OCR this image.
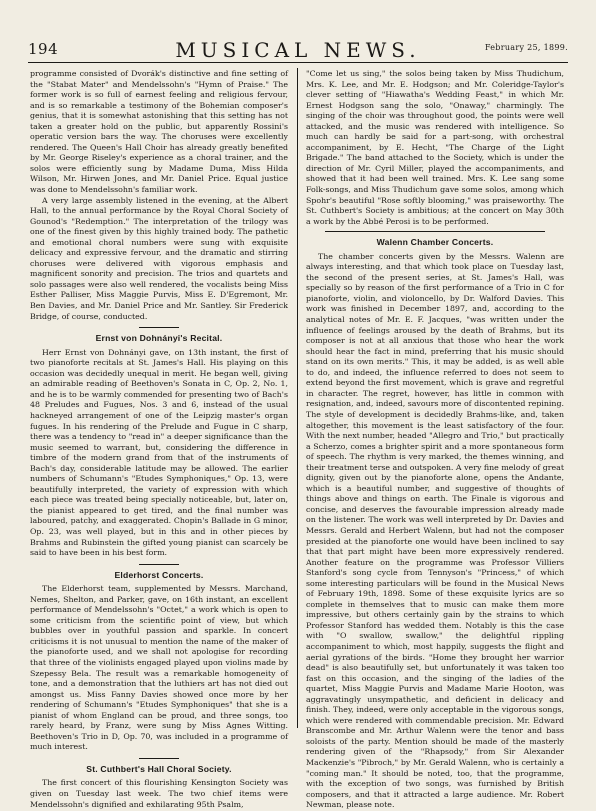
194	MUSICAL NEWS.	February 25, 1899.

programme consisted of Dvorák's distinctive and fine setting of the "Stabat Mater" and Mendelssohn's "Hymn of Praise." The former work is so full of earnest feeling and religious fervour, and is so remarkable a testimony of the Bohemian composer's genius, that it is somewhat astonishing that this setting has not taken a greater hold on the public, but apparently Rossini's operatic version bars the way. The choruses were excellently rendered. The Queen's Hall Choir has already greatly benefited by Mr. George Riseley's experience as a choral trainer, and the solos were efficiently sung by Madame Duma, Miss Hilda Wilson, Mr. Hirwen Jones, and Mr. Daniel Price. Equal justice was done to Mendelssohn's familiar work.

A very large assembly listened in the evening, at the Albert Hall, to the annual performance by the Royal Choral Society of Gounod's "Redemption." The interpretation of the trilogy was one of the finest given by this highly trained body. The pathetic and emotional choral numbers were sung with exquisite delicacy and expressive fervour, and the dramatic and stirring choruses were delivered with vigorous emphasis and magnificent sonority and precision. The trios and quartets and solo passages were also well rendered, the vocalists being Miss Esther Palliser, Miss Maggie Purvis, Miss E. D'Egremont, Mr. Ben Davies, and Mr. Daniel Price and Mr. Santley. Sir Frederick Bridge, of course, conducted.

Ernst von Dohnányi's Recital.

Herr Ernst von Dohnányi gave, on 13th instant, the first of two pianoforte recitals at St. James's Hall. His playing on this occasion was decidedly unequal in merit. He began well, giving an admirable reading of Beethoven's Sonata in C, Op. 2, No. 1, and he is to be warmly commended for presenting two of Bach's 48 Preludes and Fugues, Nos. 3 and 6, instead of the usual hackneyed arrangement of one of the Leipzig master's organ fugues. In his rendering of the Prelude and Fugue in C sharp, there was a tendency to "read in" a deeper significance than the music seemed to warrant, but, considering the difference in timbre of the modern grand from that of the instruments of Bach's day, considerable latitude may be allowed. The earlier numbers of Schumann's "Etudes Symphoniques," Op. 13, were beautifully interpreted, the variety of expression with which each piece was treated being specially noticeable, but, later on, the pianist appeared to get tired, and the final number was laboured, patchy, and exaggerated. Chopin's Ballade in G minor, Op. 23, was well played, but in this and in other pieces by Brahms and Rubinstein the gifted young pianist can scarcely be said to have been in his best form.

Elderhorst Concerts.

The Elderhorst team, supplemented by Messrs. Marchand, Nemes, Shelton, and Parker, gave, on 16th instant, an excellent performance of Mendelssohn's "Octet," a work which is open to some criticism from the scientific point of view, but which bubbles over in youthful passion and sparkle. In concert criticisms it is not unusual to mention the name of the maker of the pianoforte used, and we shall not apologise for recording that three of the violinists engaged played upon violins made by Szepessy Bela. The result was a remarkable homogeneity of tone, and a demonstration that the luthiers art has not died out amongst us. Miss Fanny Davies showed once more by her rendering of Schumann's "Etudes Symphoniques" that she is a pianist of whom England can be proud, and three songs, too rarely heard, by Franz, were sung by Miss Agnes Witting. Beethoven's Trio in D, Op. 70, was included in a programme of much interest.

St. Cuthbert's Hall Choral Society.

The first concert of this flourishing Kensington Society was given on Tuesday last week. The two chief items were Mendelssohn's dignified and exhilarating 95th Psalm,

"Come let us sing," the solos being taken by Miss Thudichum, Mrs. K. Lee, and Mr. E. Hodgson; and Mr. Coleridge-Taylor's clever setting of "Hiawatha's Wedding Feast," in which Mr. Ernest Hodgson sang the solo, "Onaway," charmingly. The singing of the choir was throughout good, the points were well attacked, and the music was rendered with intelligence. So much can hardly be said for a part-song, with orchestral accompaniment, by E. Hecht, "The Charge of the Light Brigade." The band attached to the Society, which is under the direction of Mr. Cyril Miller, played the accompaniments, and showed that it had been well trained. Mrs. K. Lee sang some Folk-songs, and Miss Thudichum gave some solos, among which Spohr's beautiful "Rose softly blooming," was praiseworthy. The St. Cuthbert's Society is ambitious; at the concert on May 30th a work by the Abbé Perosi is to be performed.

Walenn Chamber Concerts.

The chamber concerts given by the Messrs. Walenn are always interesting, and that which took place on Tuesday last, the second of the present series, at St. James's Hall, was specially so by reason of the first performance of a Trio in C for pianoforte, violin, and violoncello, by Dr. Walford Davies. This work was finished in December 1897, and, according to the analytical notes of Mr. E. F. Jacques, "was written under the influence of feelings aroused by the death of Brahms, but its composer is not at all anxious that those who hear the work should hear the fact in mind, preferring that his music should stand on its own merits." This, it may be added, is as well able to do, and indeed, the influence referred to does not seem to extend beyond the first movement, which is grave and regretful in character. The regret, however, has little in common with resignation, and, indeed, savours more of discontented repining. The style of development is decidedly Brahms-like, and, taken altogether, this movement is the least satisfactory of the four. With the next number, headed "Allegro and Trio," but practically a Scherzo, comes a brighter spirit and a more spontaneous form of speech. The rhythm is very marked, the themes winning, and their treatment terse and outspoken. A very fine melody of great dignity, given out by the pianoforte alone, opens the Andante, which is a beautiful number, and suggestive of thoughts of things above and things on earth. The Finale is vigorous and concise, and deserves the favourable impression already made on the listener. The work was well interpreted by Dr. Davies and Messrs. Gerald and Herbert Walenn, but had not the composer presided at the pianoforte one would have been inclined to say that that part might have been more expressively rendered. Another feature on the programme was Professor Villiers Stanford's song cycle from Tennyson's "Princess," of which some interesting particulars will be found in the Musical News of February 19th, 1898. Some of these exquisite lyrics are so complete in themselves that to music can make them more impressive, but others certainly gain by the strains to which Professor Stanford has wedded them. Notably is this the case with "O swallow, swallow," the delightful rippling accompaniment to which, most happily, suggests the flight and aerial gyrations of the birds. "Home they brought her warrior dead" is also beautifully set, but unfortunately it was taken too fast on this occasion, and the singing of the ladies of the quartet, Miss Maggie Purvis and Madame Marie Hooton, was aggravatingly unsympathetic, and deficient in delicacy and finish. They, indeed, were only acceptable in the vigorous songs, which were rendered with commendable precision. Mr. Edward Branscombe and Mr. Arthur Walenn were the tenor and bass soloists of the party. Mention should be made of the masterly rendering given of the "Rhapsody," from Sir Alexander Mackenzie's "Pibroch," by Mr. Gerald Walenn, who is certainly a "coming man." It should be noted, too, that the programme, with the exception of two songs, was furnished by British composers, and that it attracted a large audience. Mr. Robert Newman, please note.
